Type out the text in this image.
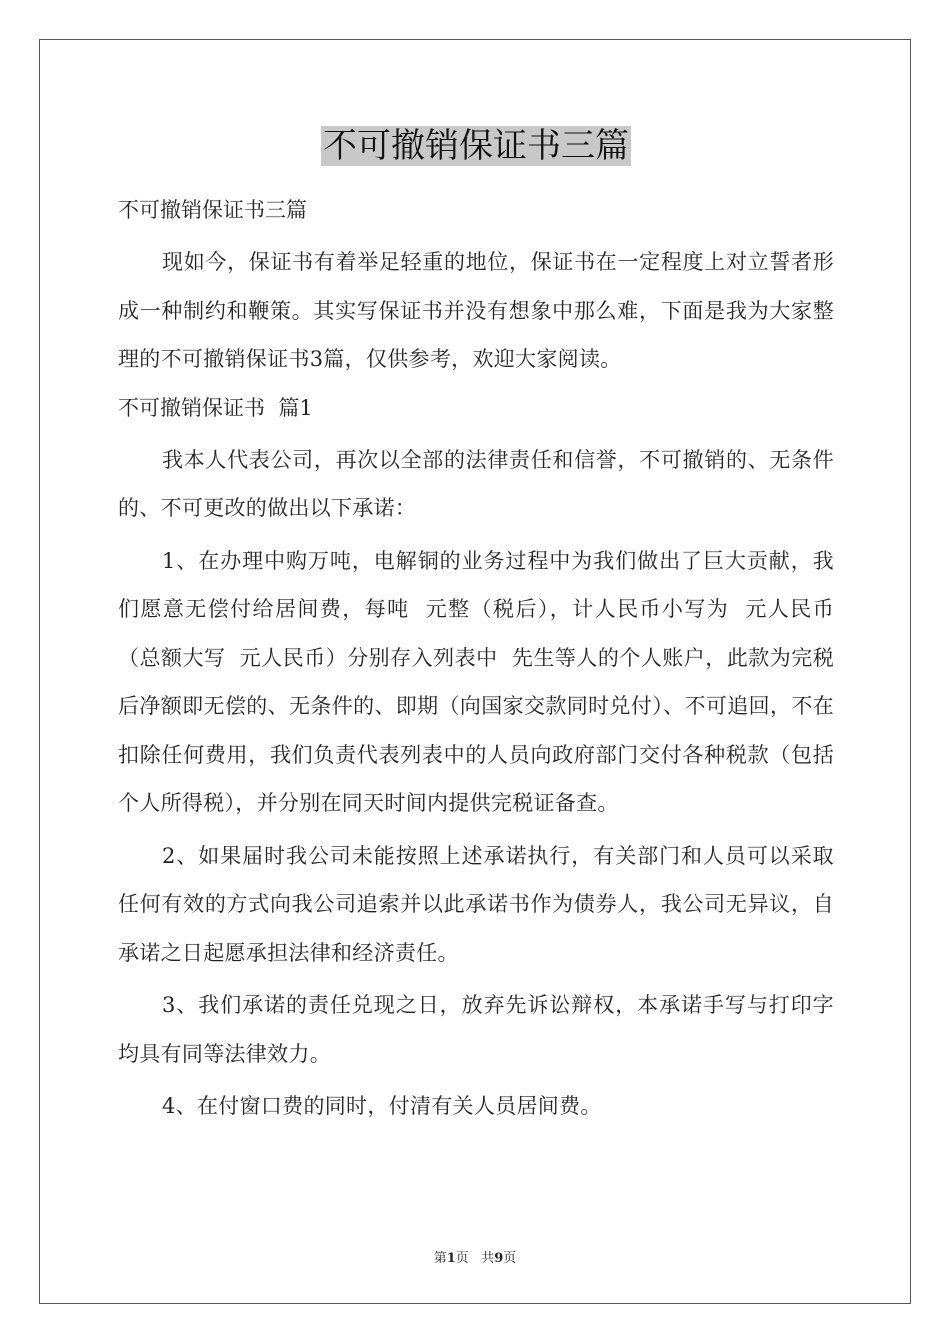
不可撤销保证书三篇

不可撤销保证书三篇

现如今，保证书有着举足轻重的地位，保证书在一定程度上对立誓者形成一种制约和鞭策。其实写保证书并没有想象中那么难，下面是我为大家整理的不可撤销保证书3篇，仅供参考，欢迎大家阅读。

不可撤销保证书  篇1

我本人代表公司，再次以全部的法律责任和信誉，不可撤销的、无条件的、不可更改的做出以下承诺：

1、在办理中购万吨，电解铜的业务过程中为我们做出了巨大贡献，我们愿意无偿付给居间费，每吨  元整（税后），计人民币小写为  元人民币（总额大写  元人民币）分别存入列表中  先生等人的个人账户，此款为完税后净额即无偿的、无条件的、即期（向国家交款同时兑付）、不可追回，不在扣除任何费用，我们负责代表列表中的人员向政府部门交付各种税款（包括个人所得税），并分别在同天时间内提供完税证备查。

2、如果届时我公司未能按照上述承诺执行，有关部门和人员可以采取任何有效的方式向我公司追索并以此承诺书作为债券人，我公司无异议，自承诺之日起愿承担法律和经济责任。

3、我们承诺的责任兑现之日，放弃先诉讼辩权，本承诺手写与打印字均具有同等法律效力。

4、在付窗口费的同时，付清有关人员居间费。

第1页 共9页
